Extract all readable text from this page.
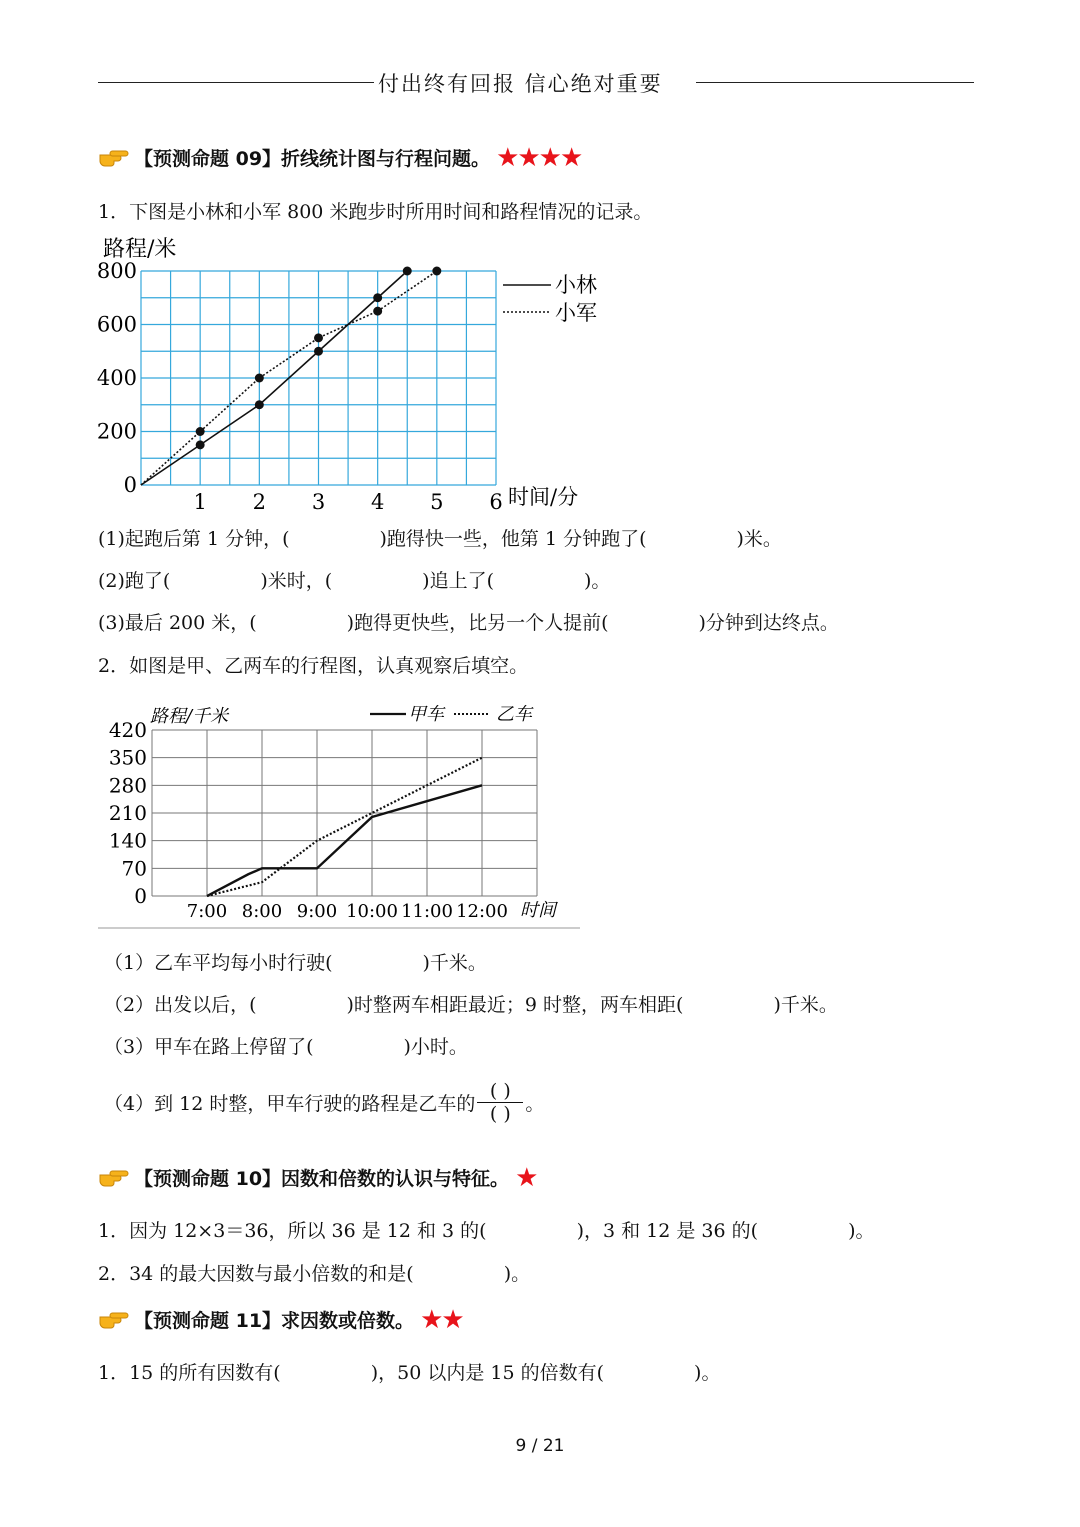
付出终有回报 信心绝对重要
【预测命题 09】折线统计图与行程问题。 ★★★★
1．下图是小林和小军 800 米跑步时所用时间和路程情况的记录。
0
200
400
600
800
1 2 3 4 5 6
路程/米
时间/分
小林
小军
(1)起跑后第 1 分钟，(	)跑得快一些，他第 1 分钟跑了(	)米。
(2)跑了(	)米时，(	)追上了(	)。
(3)最后 200 米，(	)跑得更快些，比另一个人提前(	)分钟到达终点。
2．如图是甲、乙两车的行程图，认真观察后填空。
0
70
140
210
280
350
420
7:00 8:00 9:00 10:00 11:00 12:00
路程/千米
时间
甲车	乙车
（1）乙车平均每小时行驶(	)千米。
（2）出发以后，(	)时整两车相距最近；9 时整，两车相距(	)千米。
（3）甲车在路上停留了(	)小时。
（4）到 12 时整，甲车行驶的路程是乙车的 $\frac{( )}{( )}$ 。
【预测命题 10】因数和倍数的认识与特征。 ★
1．因为 12×3＝36，所以 36 是 12 和 3 的(	)，3 和 12 是 36 的(	)。
2．34 的最大因数与最小倍数的和是(	)。
【预测命题 11】求因数或倍数。 ★★
1．15 的所有因数有(	)，50 以内是 15 的倍数有(	)。
9 / 21
